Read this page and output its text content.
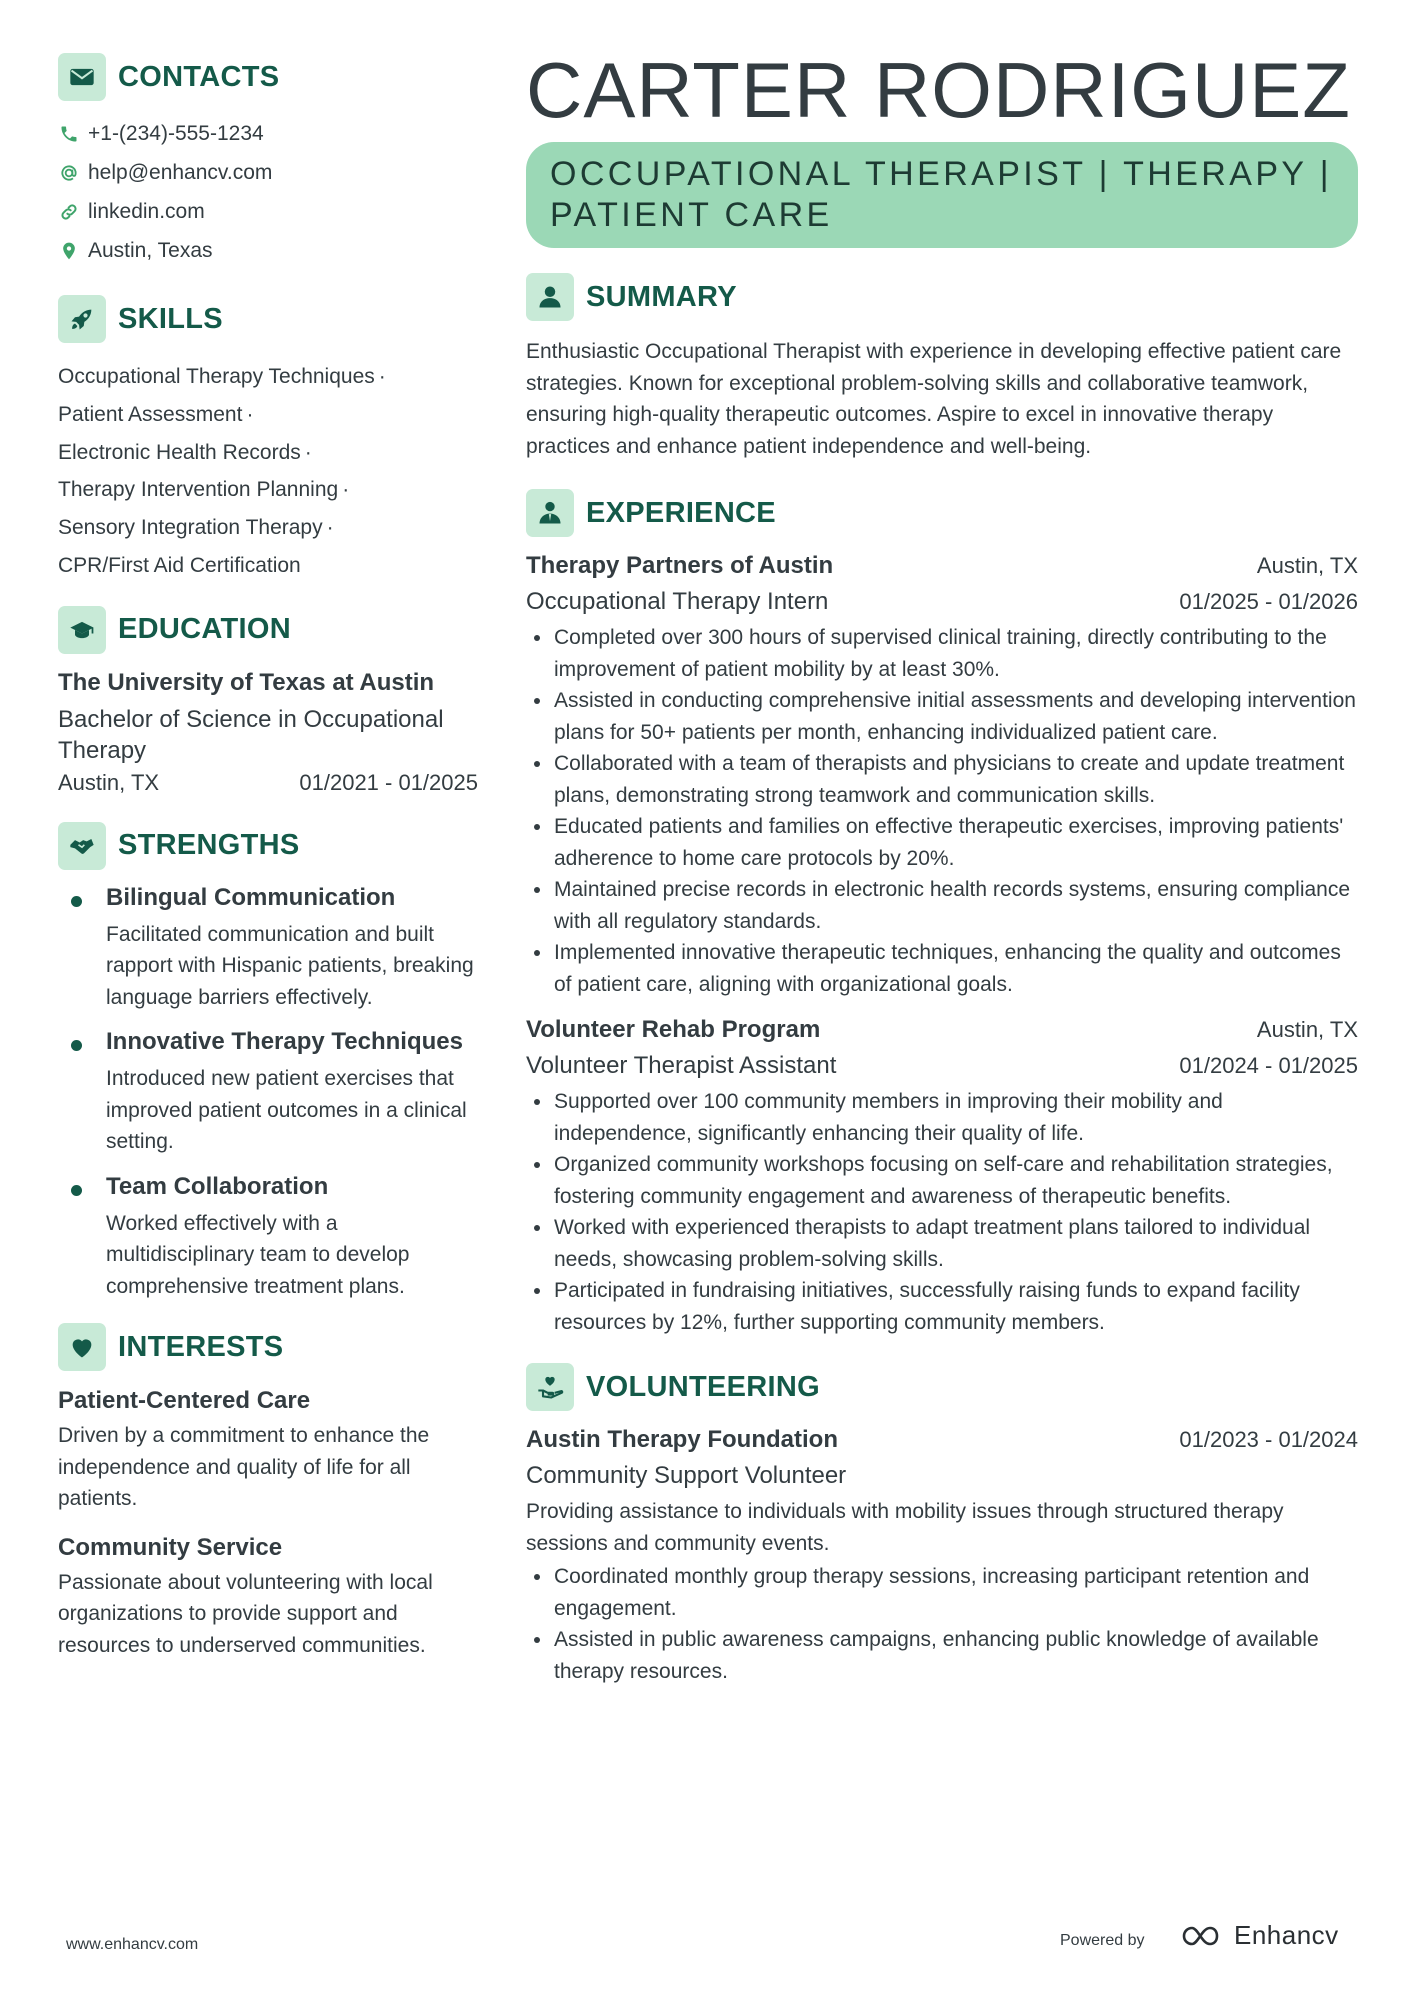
CONTACTS
+1-(234)-555-1234
help@enhancv.com
linkedin.com
Austin, Texas
SKILLS
Occupational Therapy Techniques ·
Patient Assessment ·
Electronic Health Records ·
Therapy Intervention Planning ·
Sensory Integration Therapy ·
CPR/First Aid Certification
EDUCATION
The University of Texas at Austin
Bachelor of Science in Occupational Therapy
Austin, TX	01/2021 - 01/2025
STRENGTHS
Bilingual Communication
Facilitated communication and built rapport with Hispanic patients, breaking language barriers effectively.
Innovative Therapy Techniques
Introduced new patient exercises that improved patient outcomes in a clinical setting.
Team Collaboration
Worked effectively with a multidisciplinary team to develop comprehensive treatment plans.
INTERESTS
Patient-Centered Care
Driven by a commitment to enhance the independence and quality of life for all patients.
Community Service
Passionate about volunteering with local organizations to provide support and resources to underserved communities.
CARTER RODRIGUEZ
OCCUPATIONAL THERAPIST | THERAPY | PATIENT CARE
SUMMARY
Enthusiastic Occupational Therapist with experience in developing effective patient care strategies. Known for exceptional problem-solving skills and collaborative teamwork, ensuring high-quality therapeutic outcomes. Aspire to excel in innovative therapy practices and enhance patient independence and well-being.
EXPERIENCE
Therapy Partners of Austin	Austin, TX
Occupational Therapy Intern	01/2025 - 01/2026
Completed over 300 hours of supervised clinical training, directly contributing to the improvement of patient mobility by at least 30%.
Assisted in conducting comprehensive initial assessments and developing intervention plans for 50+ patients per month, enhancing individualized patient care.
Collaborated with a team of therapists and physicians to create and update treatment plans, demonstrating strong teamwork and communication skills.
Educated patients and families on effective therapeutic exercises, improving patients' adherence to home care protocols by 20%.
Maintained precise records in electronic health records systems, ensuring compliance with all regulatory standards.
Implemented innovative therapeutic techniques, enhancing the quality and outcomes of patient care, aligning with organizational goals.
Volunteer Rehab Program	Austin, TX
Volunteer Therapist Assistant	01/2024 - 01/2025
Supported over 100 community members in improving their mobility and independence, significantly enhancing their quality of life.
Organized community workshops focusing on self-care and rehabilitation strategies, fostering community engagement and awareness of therapeutic benefits.
Worked with experienced therapists to adapt treatment plans tailored to individual needs, showcasing problem-solving skills.
Participated in fundraising initiatives, successfully raising funds to expand facility resources by 12%, further supporting community members.
VOLUNTEERING
Austin Therapy Foundation	01/2023 - 01/2024
Community Support Volunteer
Providing assistance to individuals with mobility issues through structured therapy sessions and community events.
Coordinated monthly group therapy sessions, increasing participant retention and engagement.
Assisted in public awareness campaigns, enhancing public knowledge of available therapy resources.
www.enhancv.com	Powered by	Enhancv
